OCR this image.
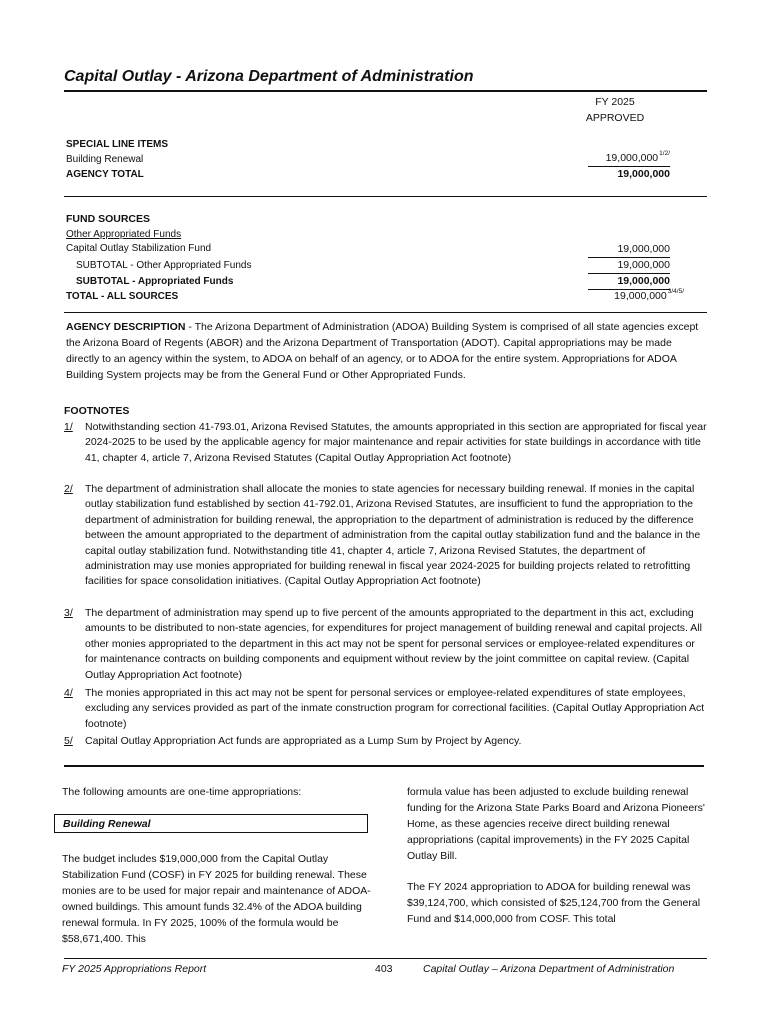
Capital Outlay - Arizona Department of Administration
FY 2025
APPROVED
SPECIAL LINE ITEMS
Building Renewal	$19,000,000^{1/2/}$
AGENCY TOTAL	19,000,000
FUND SOURCES
Other Appropriated Funds
Capital Outlay Stabilization Fund	19,000,000
SUBTOTAL - Other Appropriated Funds	19,000,000
SUBTOTAL - Appropriated Funds	19,000,000
TOTAL - ALL SOURCES	$19,000,000^{3/4/5/}$
AGENCY DESCRIPTION - The Arizona Department of Administration (ADOA) Building System is comprised of all state agencies except the Arizona Board of Regents (ABOR) and the Arizona Department of Transportation (ADOT). Capital appropriations may be made directly to an agency within the system, to ADOA on behalf of an agency, or to ADOA for the entire system. Appropriations for ADOA Building System projects may be from the General Fund or Other Appropriated Funds.
FOOTNOTES
1/	Notwithstanding section 41-793.01, Arizona Revised Statutes, the amounts appropriated in this section are appropriated for fiscal year 2024-2025 to be used by the applicable agency for major maintenance and repair activities for state buildings in accordance with title 41, chapter 4, article 7, Arizona Revised Statutes (Capital Outlay Appropriation Act footnote)
2/	The department of administration shall allocate the monies to state agencies for necessary building renewal. If monies in the capital outlay stabilization fund established by section 41-792.01, Arizona Revised Statutes, are insufficient to fund the appropriation to the department of administration for building renewal, the appropriation to the department of administration is reduced by the difference between the amount appropriated to the department of administration from the capital outlay stabilization fund and the balance in the capital outlay stabilization fund. Notwithstanding title 41, chapter 4, article 7, Arizona Revised Statutes, the department of administration may use monies appropriated for building renewal in fiscal year 2024-2025 for building projects related to retrofitting facilities for space consolidation initiatives. (Capital Outlay Appropriation Act footnote)
3/	The department of administration may spend up to five percent of the amounts appropriated to the department in this act, excluding amounts to be distributed to non-state agencies, for expenditures for project management of building renewal and capital projects. All other monies appropriated to the department in this act may not be spent for personal services or employee-related expenditures or for maintenance contracts on building components and equipment without review by the joint committee on capital review. (Capital Outlay Appropriation Act footnote)
4/	The monies appropriated in this act may not be spent for personal services or employee-related expenditures of state employees, excluding any services provided as part of the inmate construction program for correctional facilities. (Capital Outlay Appropriation Act footnote)
5/	Capital Outlay Appropriation Act funds are appropriated as a Lump Sum by Project by Agency.
The following amounts are one-time appropriations:
Building Renewal
The budget includes $19,000,000 from the Capital Outlay Stabilization Fund (COSF) in FY 2025 for building renewal. These monies are to be used for major repair and maintenance of ADOA-owned buildings. This amount funds 32.4% of the ADOA building renewal formula. In FY 2025, 100% of the formula would be $58,671,400. This
formula value has been adjusted to exclude building renewal funding for the Arizona State Parks Board and Arizona Pioneers' Home, as these agencies receive direct building renewal appropriations (capital improvements) in the FY 2025 Capital Outlay Bill.
The FY 2024 appropriation to ADOA for building renewal was $39,124,700, which consisted of $25,124,700 from the General Fund and $14,000,000 from COSF. This total
FY 2025 Appropriations Report	403	Capital Outlay – Arizona Department of Administration
